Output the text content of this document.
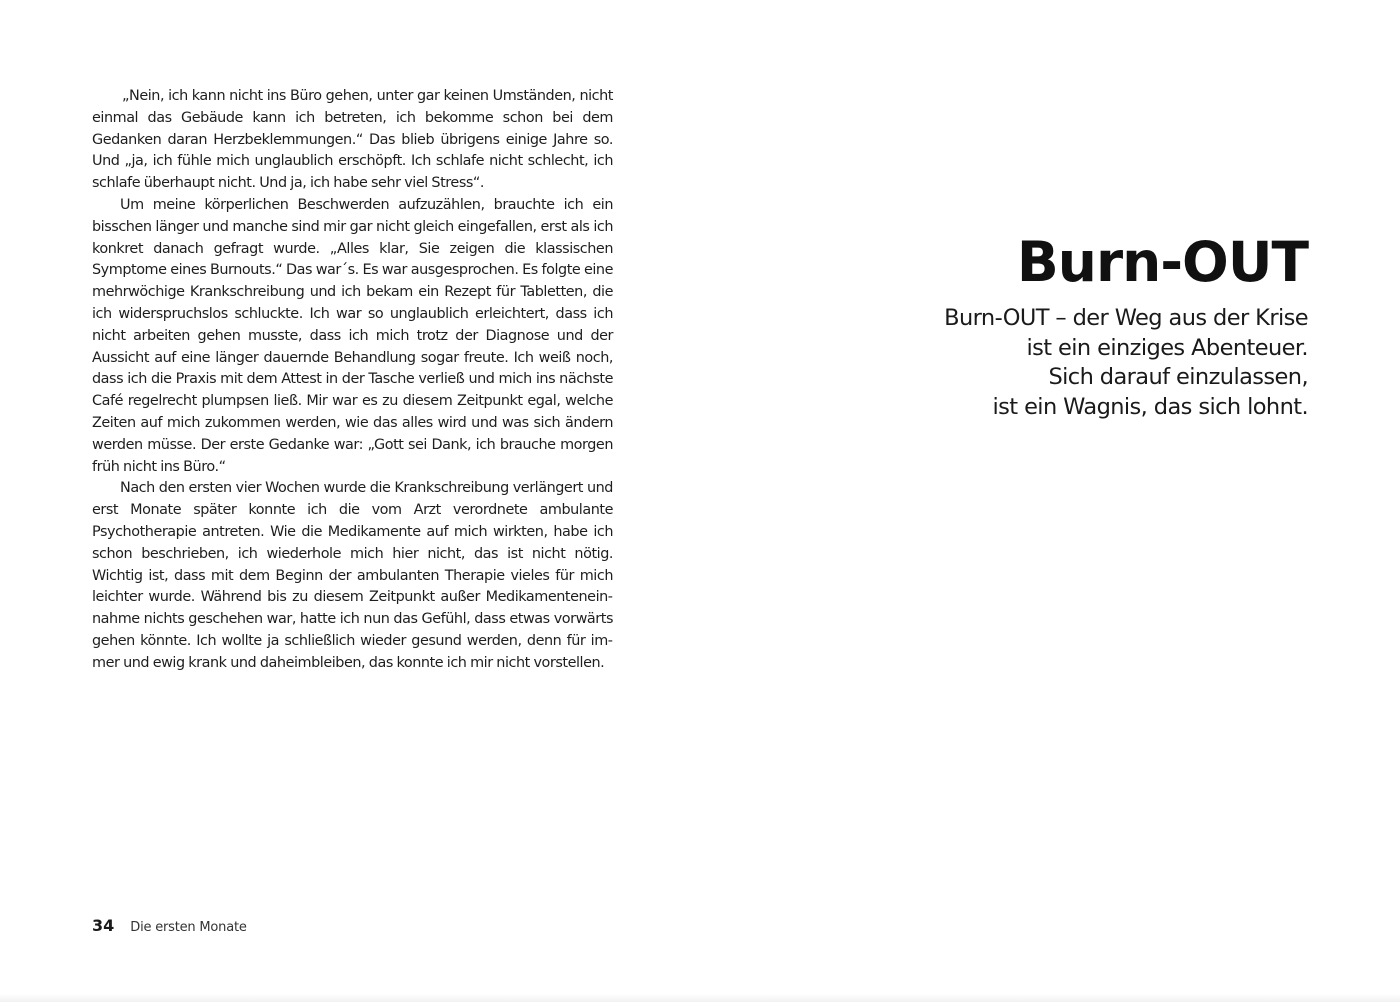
„Nein, ich kann nicht ins Büro gehen, unter gar keinen Umständen, nicht einmal das Gebäude kann ich betreten, ich bekomme schon bei dem Gedanken daran Herzbeklemmungen.“ Das blieb übrigens einige Jahre so. Und „ja, ich fühle mich unglaublich erschöpft. Ich schlafe nicht schlecht, ich schlafe überhaupt nicht. Und ja, ich habe sehr viel Stress“.

Um meine körperlichen Beschwerden aufzuzählen, brauchte ich ein bisschen länger und manche sind mir gar nicht gleich eingefallen, erst als ich konkret danach gefragt wurde. „Alles klar, Sie zeigen die klassischen Symptome eines Burnouts.“ Das war´s. Es war ausgesprochen. Es folgte eine mehrwöchige Krankschreibung und ich bekam ein Rezept für Tabletten, die ich widerspruchslos schluckte. Ich war so unglaublich erleichtert, dass ich nicht arbeiten gehen musste, dass ich mich trotz der Diagnose und der Aussicht auf eine länger dauernde Behandlung sogar freute. Ich weiß noch, dass ich die Praxis mit dem Attest in der Tasche verließ und mich ins nächste Café regelrecht plumpsen ließ. Mir war es zu diesem Zeitpunkt egal, welche Zeiten auf mich zukommen werden, wie das alles wird und was sich ändern werden müsse. Der erste Gedanke war: „Gott sei Dank, ich brauche morgen früh nicht ins Büro.“

Nach den ersten vier Wochen wurde die Krankschreibung verlängert und erst Monate später konnte ich die vom Arzt verordnete ambulante Psychotherapie antreten. Wie die Medikamente auf mich wirkten, habe ich schon beschrieben, ich wiederhole mich hier nicht, das ist nicht nötig. Wichtig ist, dass mit dem Beginn der ambulanten Therapie vieles für mich leichter wurde. Während bis zu diesem Zeitpunkt außer Medikamenteneinnahme nichts geschehen war, hatte ich nun das Gefühl, dass etwas vorwärts gehen könnte. Ich wollte ja schließlich wieder gesund werden, denn für immer und ewig krank und daheimbleiben, das konnte ich mir nicht vorstellen.

34 Die ersten Monate
Burn-OUT
Burn-OUT – der Weg aus der Krise
ist ein einziges Abenteuer.
Sich darauf einzulassen,
ist ein Wagnis, das sich lohnt.
